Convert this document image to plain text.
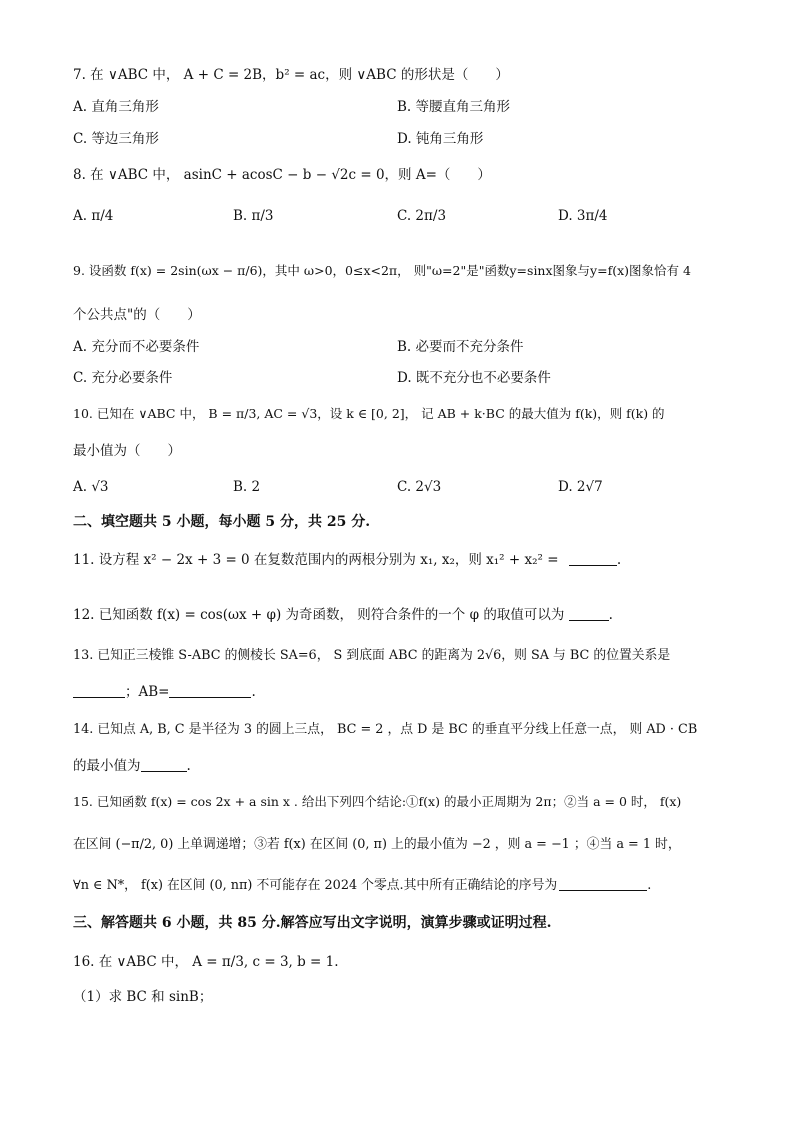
7. 在 ∨ABC 中， A + C = 2B，b² = ac，则 ∨ABC 的形状是（　　）
A. 直角三角形	B. 等腰直角三角形
C. 等边三角形	D. 钝角三角形
8. 在 ∨ABC 中， asinC + acosC − b − √2c = 0，则 A=（　　）
A. π/4	B. π/3	C. 2π/3	D. 3π/4
9. 设函数 f(x) = 2sin(ωx − π/6)，其中 ω>0，0≤x<2π， 则"ω=2"是"函数y=sinx图象与y=f(x)图象恰有 4
个公共点"的（　　）
A. 充分而不必要条件	B. 必要而不充分条件
C. 充分必要条件	D. 既不充分也不必要条件
10. 已知在 ∨ABC 中， B = π/3, AC = √3，设 k ∈ [0, 2]， 记 AB + k·BC 的最大值为 f(k)，则 f(k) 的
最小值为（　　）
A. √3	B. 2	C. 2√3	D. 2√7
二、填空题共 5 小题，每小题 5 分，共 25 分.
11. 设方程 x² − 2x + 3 = 0 在复数范围内的两根分别为 x₁, x₂，则 x₁² + x₂² =	.
12. 已知函数 f(x) = cos(ωx + φ) 为奇函数， 则符合条件的一个 φ 的取值可以为	.
13. 已知正三棱锥 S-ABC 的侧棱长 SA=6， S 到底面 ABC 的距离为 2√6，则 SA 与 BC 的位置关系是
；AB=	.
14. 已知点 A, B, C 是半径为 3 的圆上三点， BC = 2 ，点 D 是 BC 的垂直平分线上任意一点， 则 AD · CB
的最小值为	.
15. 已知函数 f(x) = cos 2x + a sin x . 给出下列四个结论:①f(x) 的最小正周期为 2π；②当 a = 0 时， f(x)
在区间 (−π/2, 0) 上单调递增；③若 f(x) 在区间 (0, π) 上的最小值为 −2 ，则 a = −1 ；④当 a = 1 时，
∀n ∈ N*， f(x) 在区间 (0, nπ) 不可能存在 2024 个零点.其中所有正确结论的序号为	.
三、解答题共 6 小题，共 85 分.解答应写出文字说明，演算步骤或证明过程.
16. 在 ∨ABC 中， A = π/3, c = 3, b = 1.
（1）求 BC 和 sinB；
